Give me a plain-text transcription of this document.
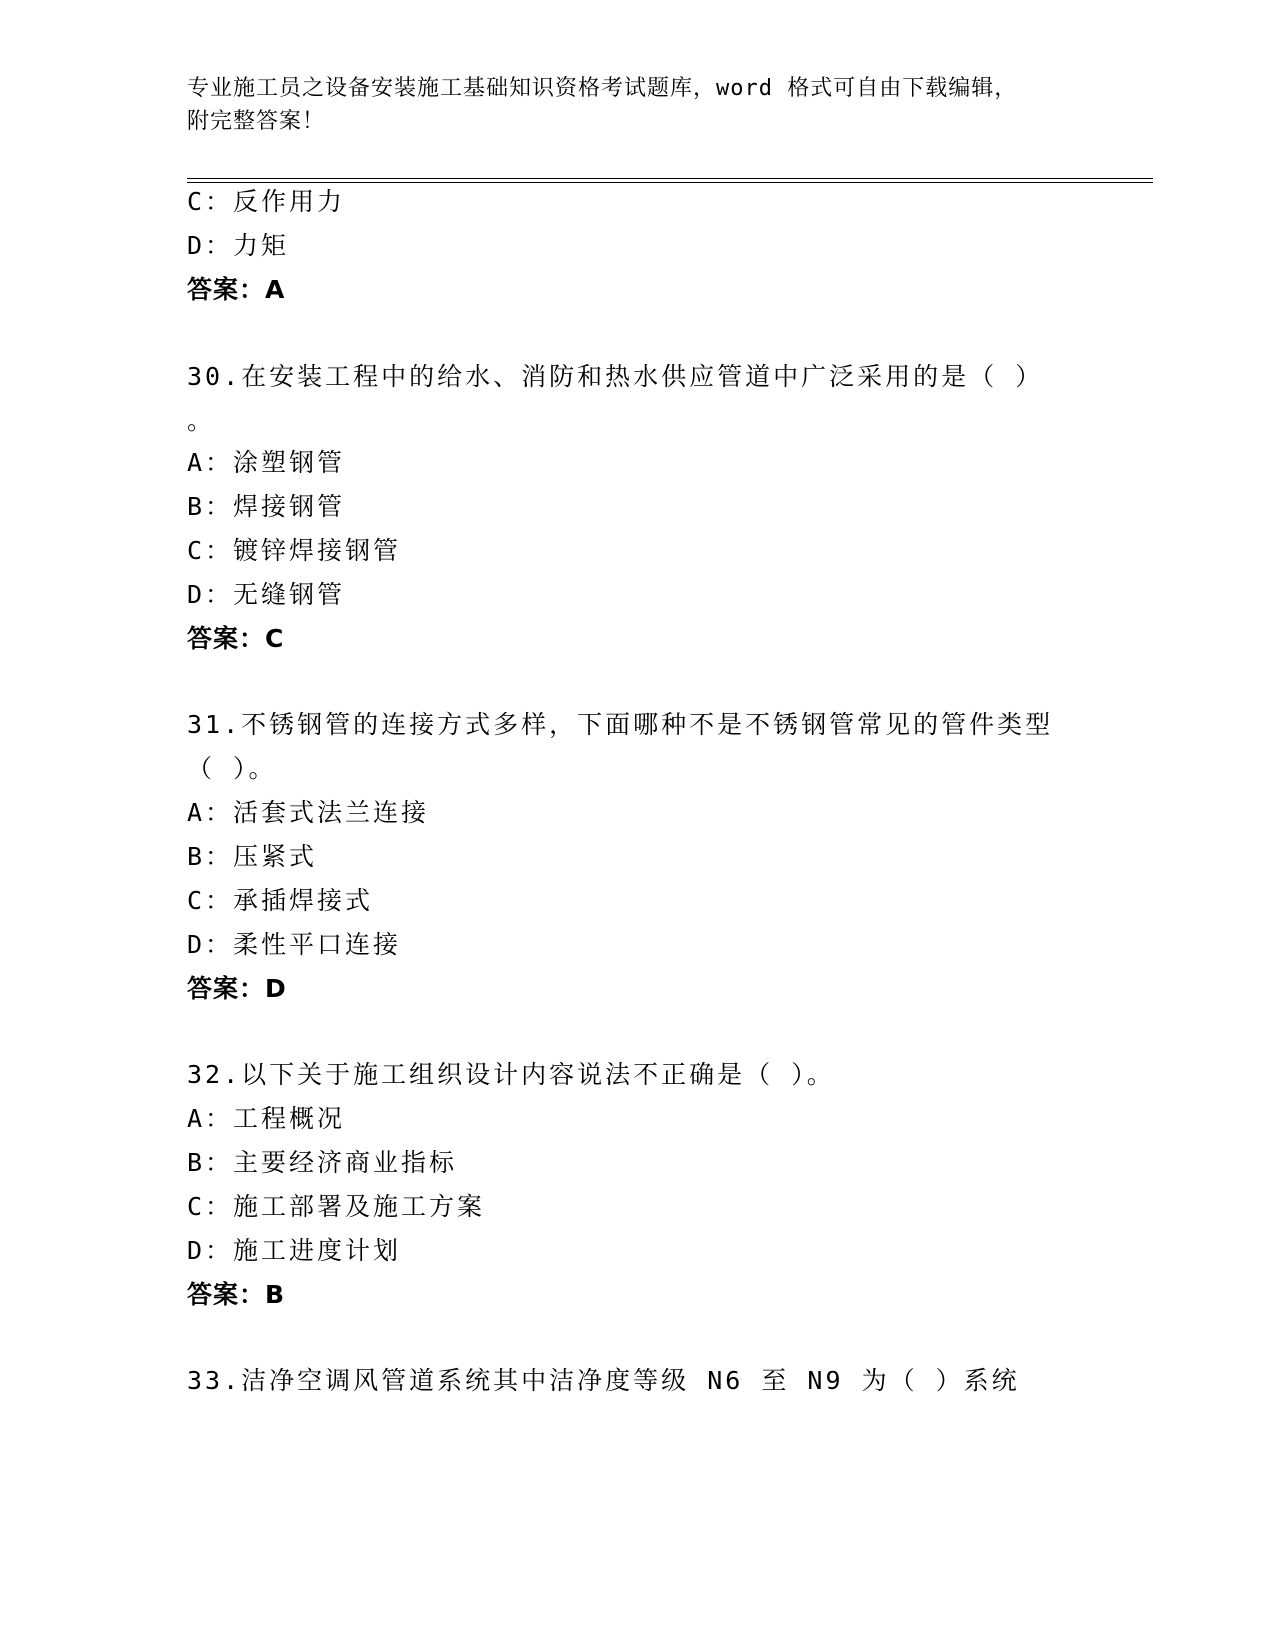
专业施工员之设备安装施工基础知识资格考试题库，word 格式可自由下载编辑，
附完整答案！
C：反作用力
D：力矩
答案：A
30.在安装工程中的给水、消防和热水供应管道中广泛采用的是（ ）
。
A：涂塑钢管
B：焊接钢管
C：镀锌焊接钢管
D：无缝钢管
答案：C
31.不锈钢管的连接方式多样，下面哪种不是不锈钢管常见的管件类型
（ ）。
A：活套式法兰连接
B：压紧式
C：承插焊接式
D：柔性平口连接
答案：D
32.以下关于施工组织设计内容说法不正确是（ ）。
A：工程概况
B：主要经济商业指标
C：施工部署及施工方案
D：施工进度计划
答案：B
33.洁净空调风管道系统其中洁净度等级 N6 至 N9 为（ ）系统
